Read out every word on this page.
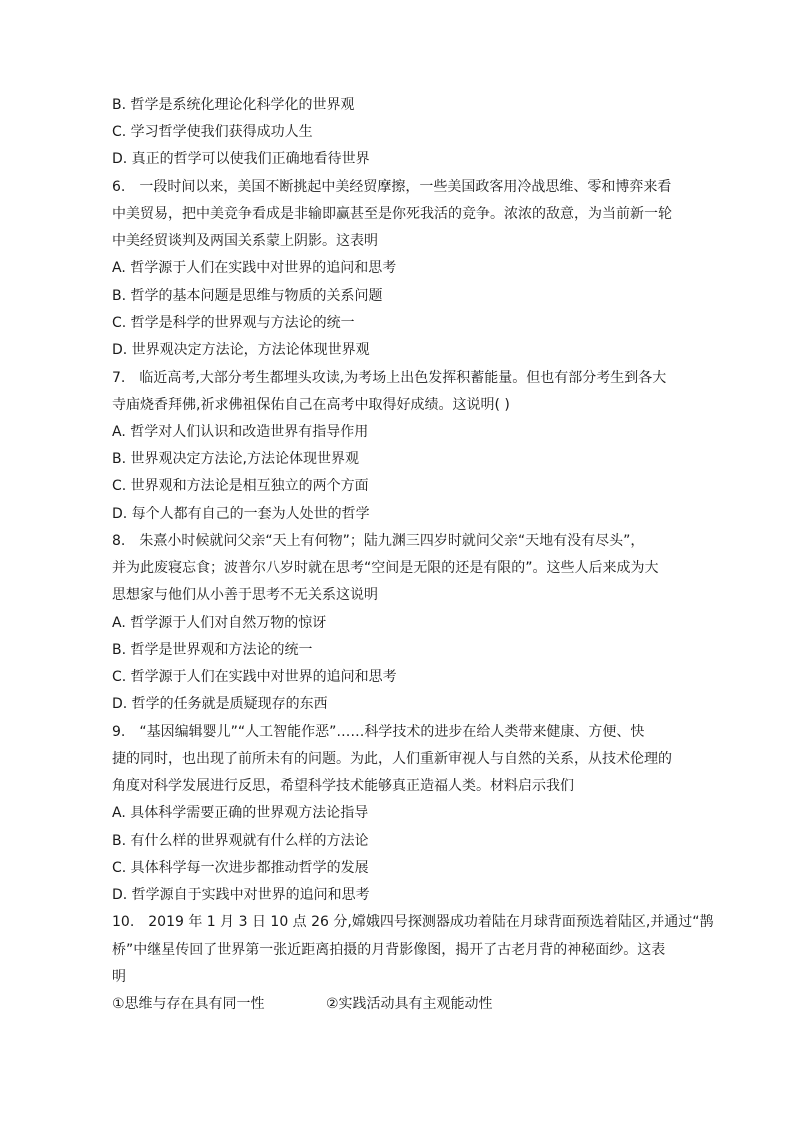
B. 哲学是系统化理论化科学化的世界观
C. 学习哲学使我们获得成功人生
D. 真正的哲学可以使我们正确地看待世界
6.　一段时间以来，美国不断挑起中美经贸摩擦，一些美国政客用冷战思维、零和博弈来看
中美贸易，把中美竞争看成是非输即赢甚至是你死我活的竞争。浓浓的敌意，为当前新一轮
中美经贸谈判及两国关系蒙上阴影。这表明
A. 哲学源于人们在实践中对世界的追问和思考
B. 哲学的基本问题是思维与物质的关系问题
C. 哲学是科学的世界观与方法论的统一
D. 世界观决定方法论，方法论体现世界观
7.　临近高考,大部分考生都埋头攻读,为考场上出色发挥积蓄能量。但也有部分考生到各大
寺庙烧香拜佛,祈求佛祖保佑自己在高考中取得好成绩。这说明( )
A. 哲学对人们认识和改造世界有指导作用
B. 世界观决定方法论,方法论体现世界观
C. 世界观和方法论是相互独立的两个方面
D. 每个人都有自己的一套为人处世的哲学
8.　朱熹小时候就问父亲“天上有何物”；陆九渊三四岁时就问父亲“天地有没有尽头”，
并为此废寝忘食；波普尔八岁时就在思考“空间是无限的还是有限的”。这些人后来成为大
思想家与他们从小善于思考不无关系这说明
A. 哲学源于人们对自然万物的惊讶
B. 哲学是世界观和方法论的统一
C. 哲学源于人们在实践中对世界的追问和思考
D. 哲学的任务就是质疑现存的东西
9.　“基因编辑婴儿”“人工智能作恶”……科学技术的进步在给人类带来健康、方便、快
捷的同时，也出现了前所未有的问题。为此，人们重新审视人与自然的关系，从技术伦理的
角度对科学发展进行反思，希望科学技术能够真正造福人类。材料启示我们
A. 具体科学需要正确的世界观方法论指导
B. 有什么样的世界观就有什么样的方法论
C. 具体科学每一次进步都推动哲学的发展
D. 哲学源自于实践中对世界的追问和思考
10.　2019 年 1 月 3 日 10 点 26 分,嫦娥四号探测器成功着陆在月球背面预选着陆区,并通过“鹊
桥”中继星传回了世界第一张近距离拍摄的月背影像图，揭开了古老月背的神秘面纱。这表
明
①思维与存在具有同一性	②实践活动具有主观能动性
